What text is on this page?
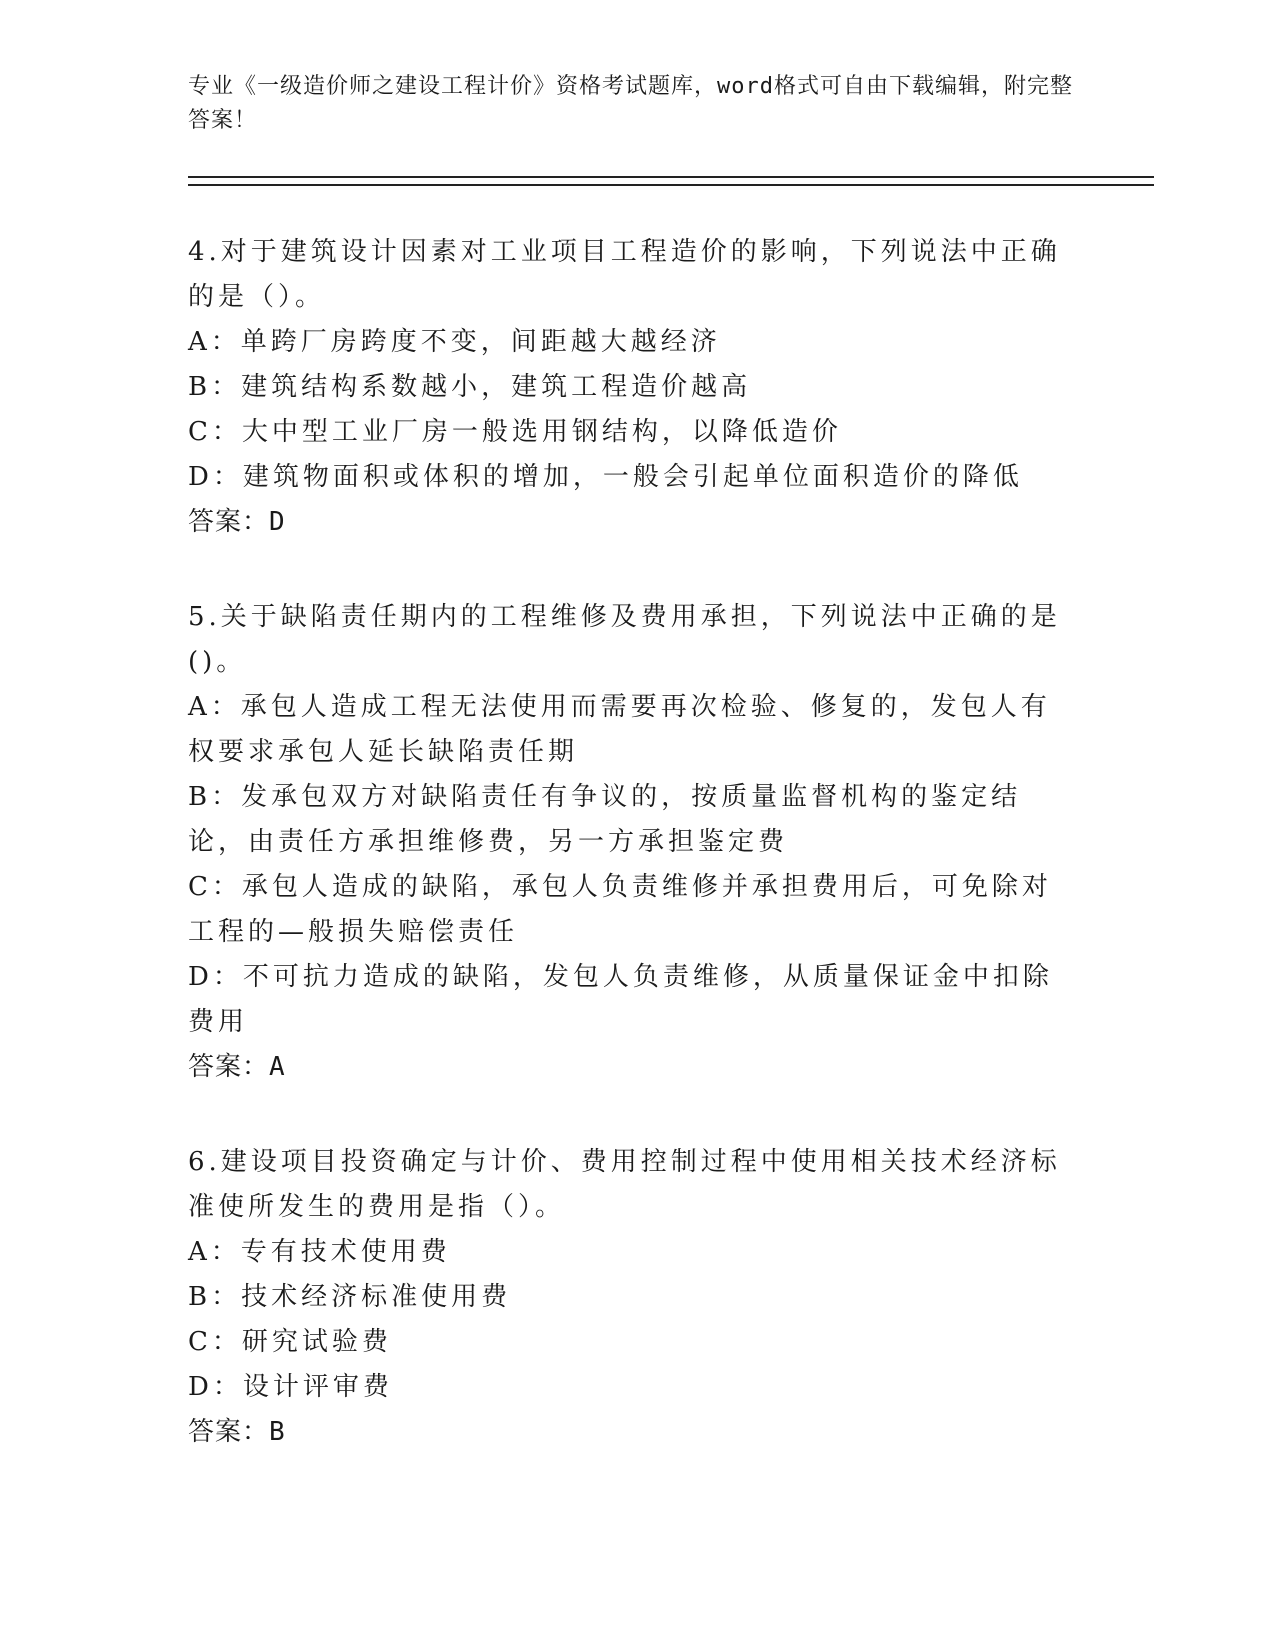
专业《一级造价师之建设工程计价》资格考试题库，word格式可自由下载编辑，附完整答案！

4.对于建筑设计因素对工业项目工程造价的影响，下列说法中正确的是（）。

A：单跨厂房跨度不变，间距越大越经济

B：建筑结构系数越小，建筑工程造价越高

C：大中型工业厂房一般选用钢结构，以降低造价

D：建筑物面积或体积的增加，一般会引起单位面积造价的降低

答案：D

5.关于缺陷责任期内的工程维修及费用承担，下列说法中正确的是()。

A：承包人造成工程无法使用而需要再次检验、修复的，发包人有权要求承包人延长缺陷责任期

B：发承包双方对缺陷责任有争议的，按质量监督机构的鉴定结论，由责任方承担维修费，另一方承担鉴定费

C：承包人造成的缺陷，承包人负责维修并承担费用后，可免除对工程的—般损失赔偿责任

D：不可抗力造成的缺陷，发包人负责维修，从质量保证金中扣除费用

答案：A

6.建设项目投资确定与计价、费用控制过程中使用相关技术经济标准使所发生的费用是指（）。

A：专有技术使用费

B：技术经济标准使用费

C：研究试验费

D：设计评审费

答案：B
